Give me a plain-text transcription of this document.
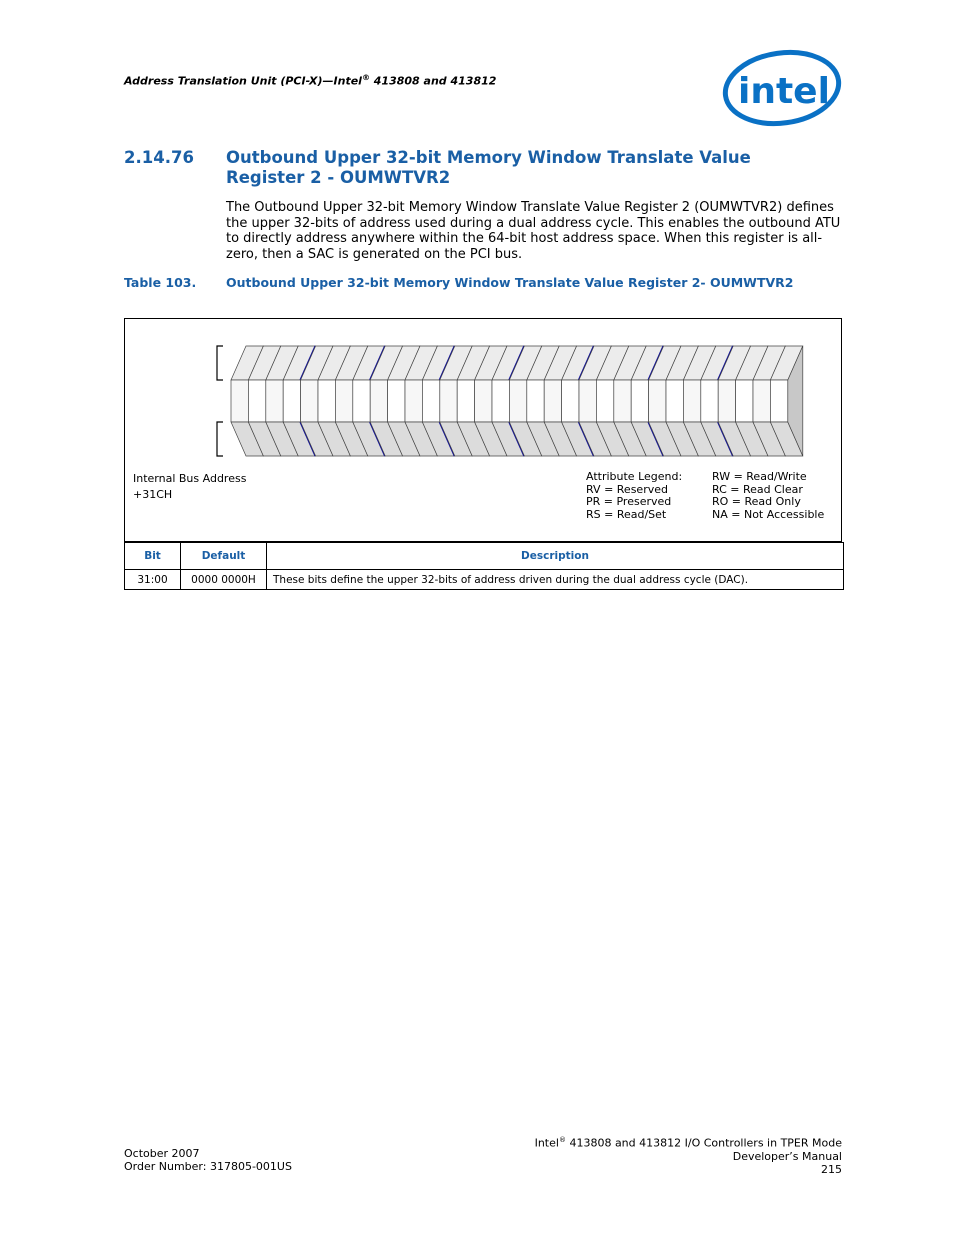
Address Translation Unit (PCI-X)—Intel® 413808 and 413812	intel
2.14.76 Outbound Upper 32-bit Memory Window Translate Value Register 2 - OUMWTVR2
The Outbound Upper 32-bit Memory Window Translate Value Register 2 (OUMWTVR2) defines the upper 32-bits of address used during a dual address cycle. This enables the outbound ATU to directly address anywhere within the 64-bit host address space. When this register is all-zero, then a SAC is generated on the PCI bus.
Table 103. Outbound Upper 32-bit Memory Window Translate Value Register 2- OUMWTVR2
Internal Bus Address
+31CH
Attribute Legend:	RW = Read/Write
RV = Reserved	RC = Read Clear
PR = Preserved	RO = Read Only
RS = Read/Set	NA = Not Accessible
Bit	Default	Description
31:00	0000 0000H	These bits define the upper 32-bits of address driven during the dual address cycle (DAC).
October 2007
Order Number: 317805-001US
Intel® 413808 and 413812 I/O Controllers in TPER Mode
Developer’s Manual
215
